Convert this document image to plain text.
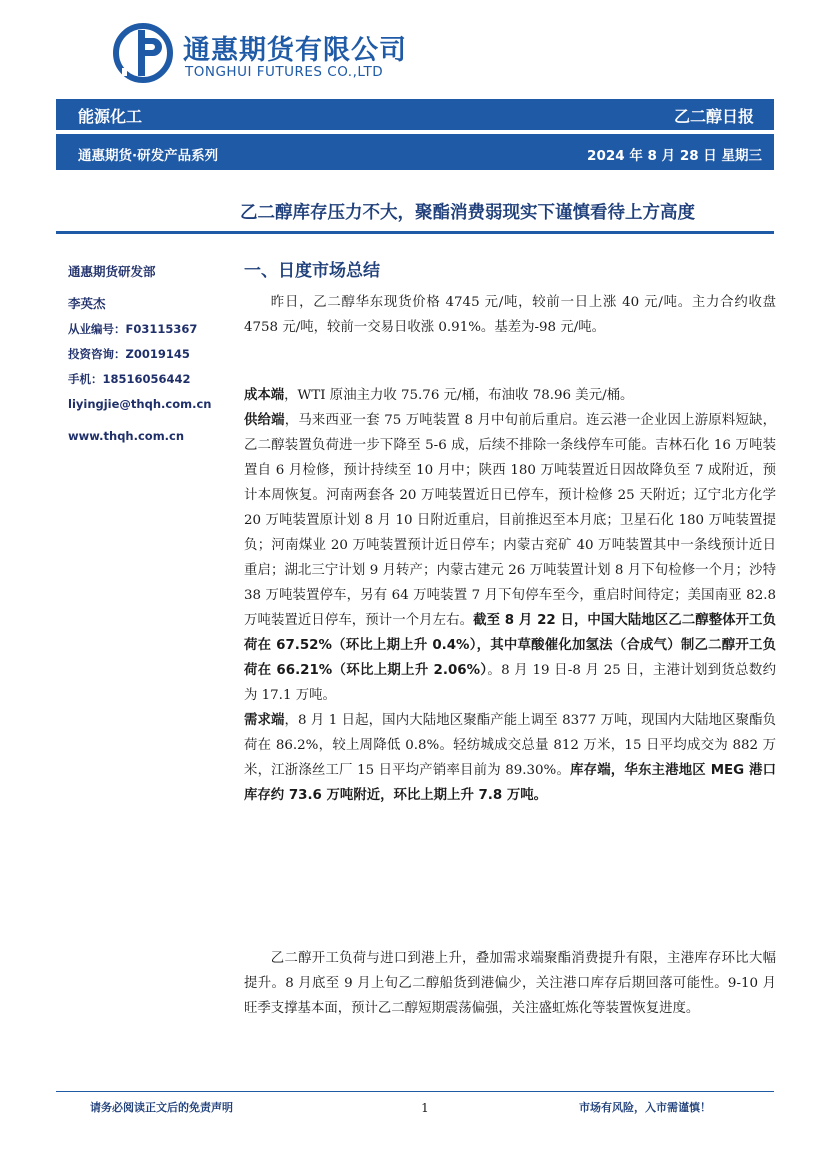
通惠期货有限公司
TONGHUI FUTURES CO.,LTD
能源化工	乙二醇日报
通惠期货·研发产品系列	2024 年 8 月 28 日 星期三
乙二醇库存压力不大，聚酯消费弱现实下谨慎看待上方高度
通惠期货研发部
李英杰
从业编号：F03115367
投资咨询：Z0019145
手机：18516056442
liyingjie@thqh.com.cn
www.thqh.com.cn
一、日度市场总结
昨日，乙二醇华东现货价格 4745 元/吨，较前一日上涨 40 元/吨。主力合约收盘 4758 元/吨，较前一交易日收涨 0.91%。基差为-98 元/吨。
成本端，WTI 原油主力收 75.76 元/桶，布油收 78.96 美元/桶。
供给端，马来西亚一套 75 万吨装置 8 月中旬前后重启。连云港一企业因上游原料短缺，乙二醇装置负荷进一步下降至 5-6 成，后续不排除一条线停车可能。吉林石化 16 万吨装置自 6 月检修，预计持续至 10 月中；陕西 180 万吨装置近日因故降负至 7 成附近，预计本周恢复。河南两套各 20 万吨装置近日已停车，预计检修 25 天附近；辽宁北方化学 20 万吨装置原计划 8 月 10 日附近重启，目前推迟至本月底；卫星石化 180 万吨装置提负；河南煤业 20 万吨装置预计近日停车；内蒙古兖矿 40 万吨装置其中一条线预计近日重启；湖北三宁计划 9 月转产；内蒙古建元 26 万吨装置计划 8 月下旬检修一个月；沙特 38 万吨装置停车，另有 64 万吨装置 7 月下旬停车至今，重启时间待定；美国南亚 82.8 万吨装置近日停车，预计一个月左右。截至 8 月 22 日，中国大陆地区乙二醇整体开工负荷在 67.52%（环比上期上升 0.4%），其中草酸催化加氢法（合成气）制乙二醇开工负荷在 66.21%（环比上期上升 2.06%）。8 月 19 日-8 月 25 日，主港计划到货总数约为 17.1 万吨。
需求端，8 月 1 日起，国内大陆地区聚酯产能上调至 8377 万吨，现国内大陆地区聚酯负荷在 86.2%，较上周降低 0.8%。轻纺城成交总量 812 万米，15 日平均成交为 882 万米，江浙涤丝工厂 15 日平均产销率目前为 89.30%。库存端，华东主港地区 MEG 港口库存约 73.6 万吨附近，环比上期上升 7.8 万吨。
乙二醇开工负荷与进口到港上升，叠加需求端聚酯消费提升有限，主港库存环比大幅提升。8 月底至 9 月上旬乙二醇船货到港偏少，关注港口库存后期回落可能性。9-10 月旺季支撑基本面，预计乙二醇短期震荡偏强，关注盛虹炼化等装置恢复进度。
请务必阅读正文后的免责声明	1	市场有风险，入市需谨慎！
